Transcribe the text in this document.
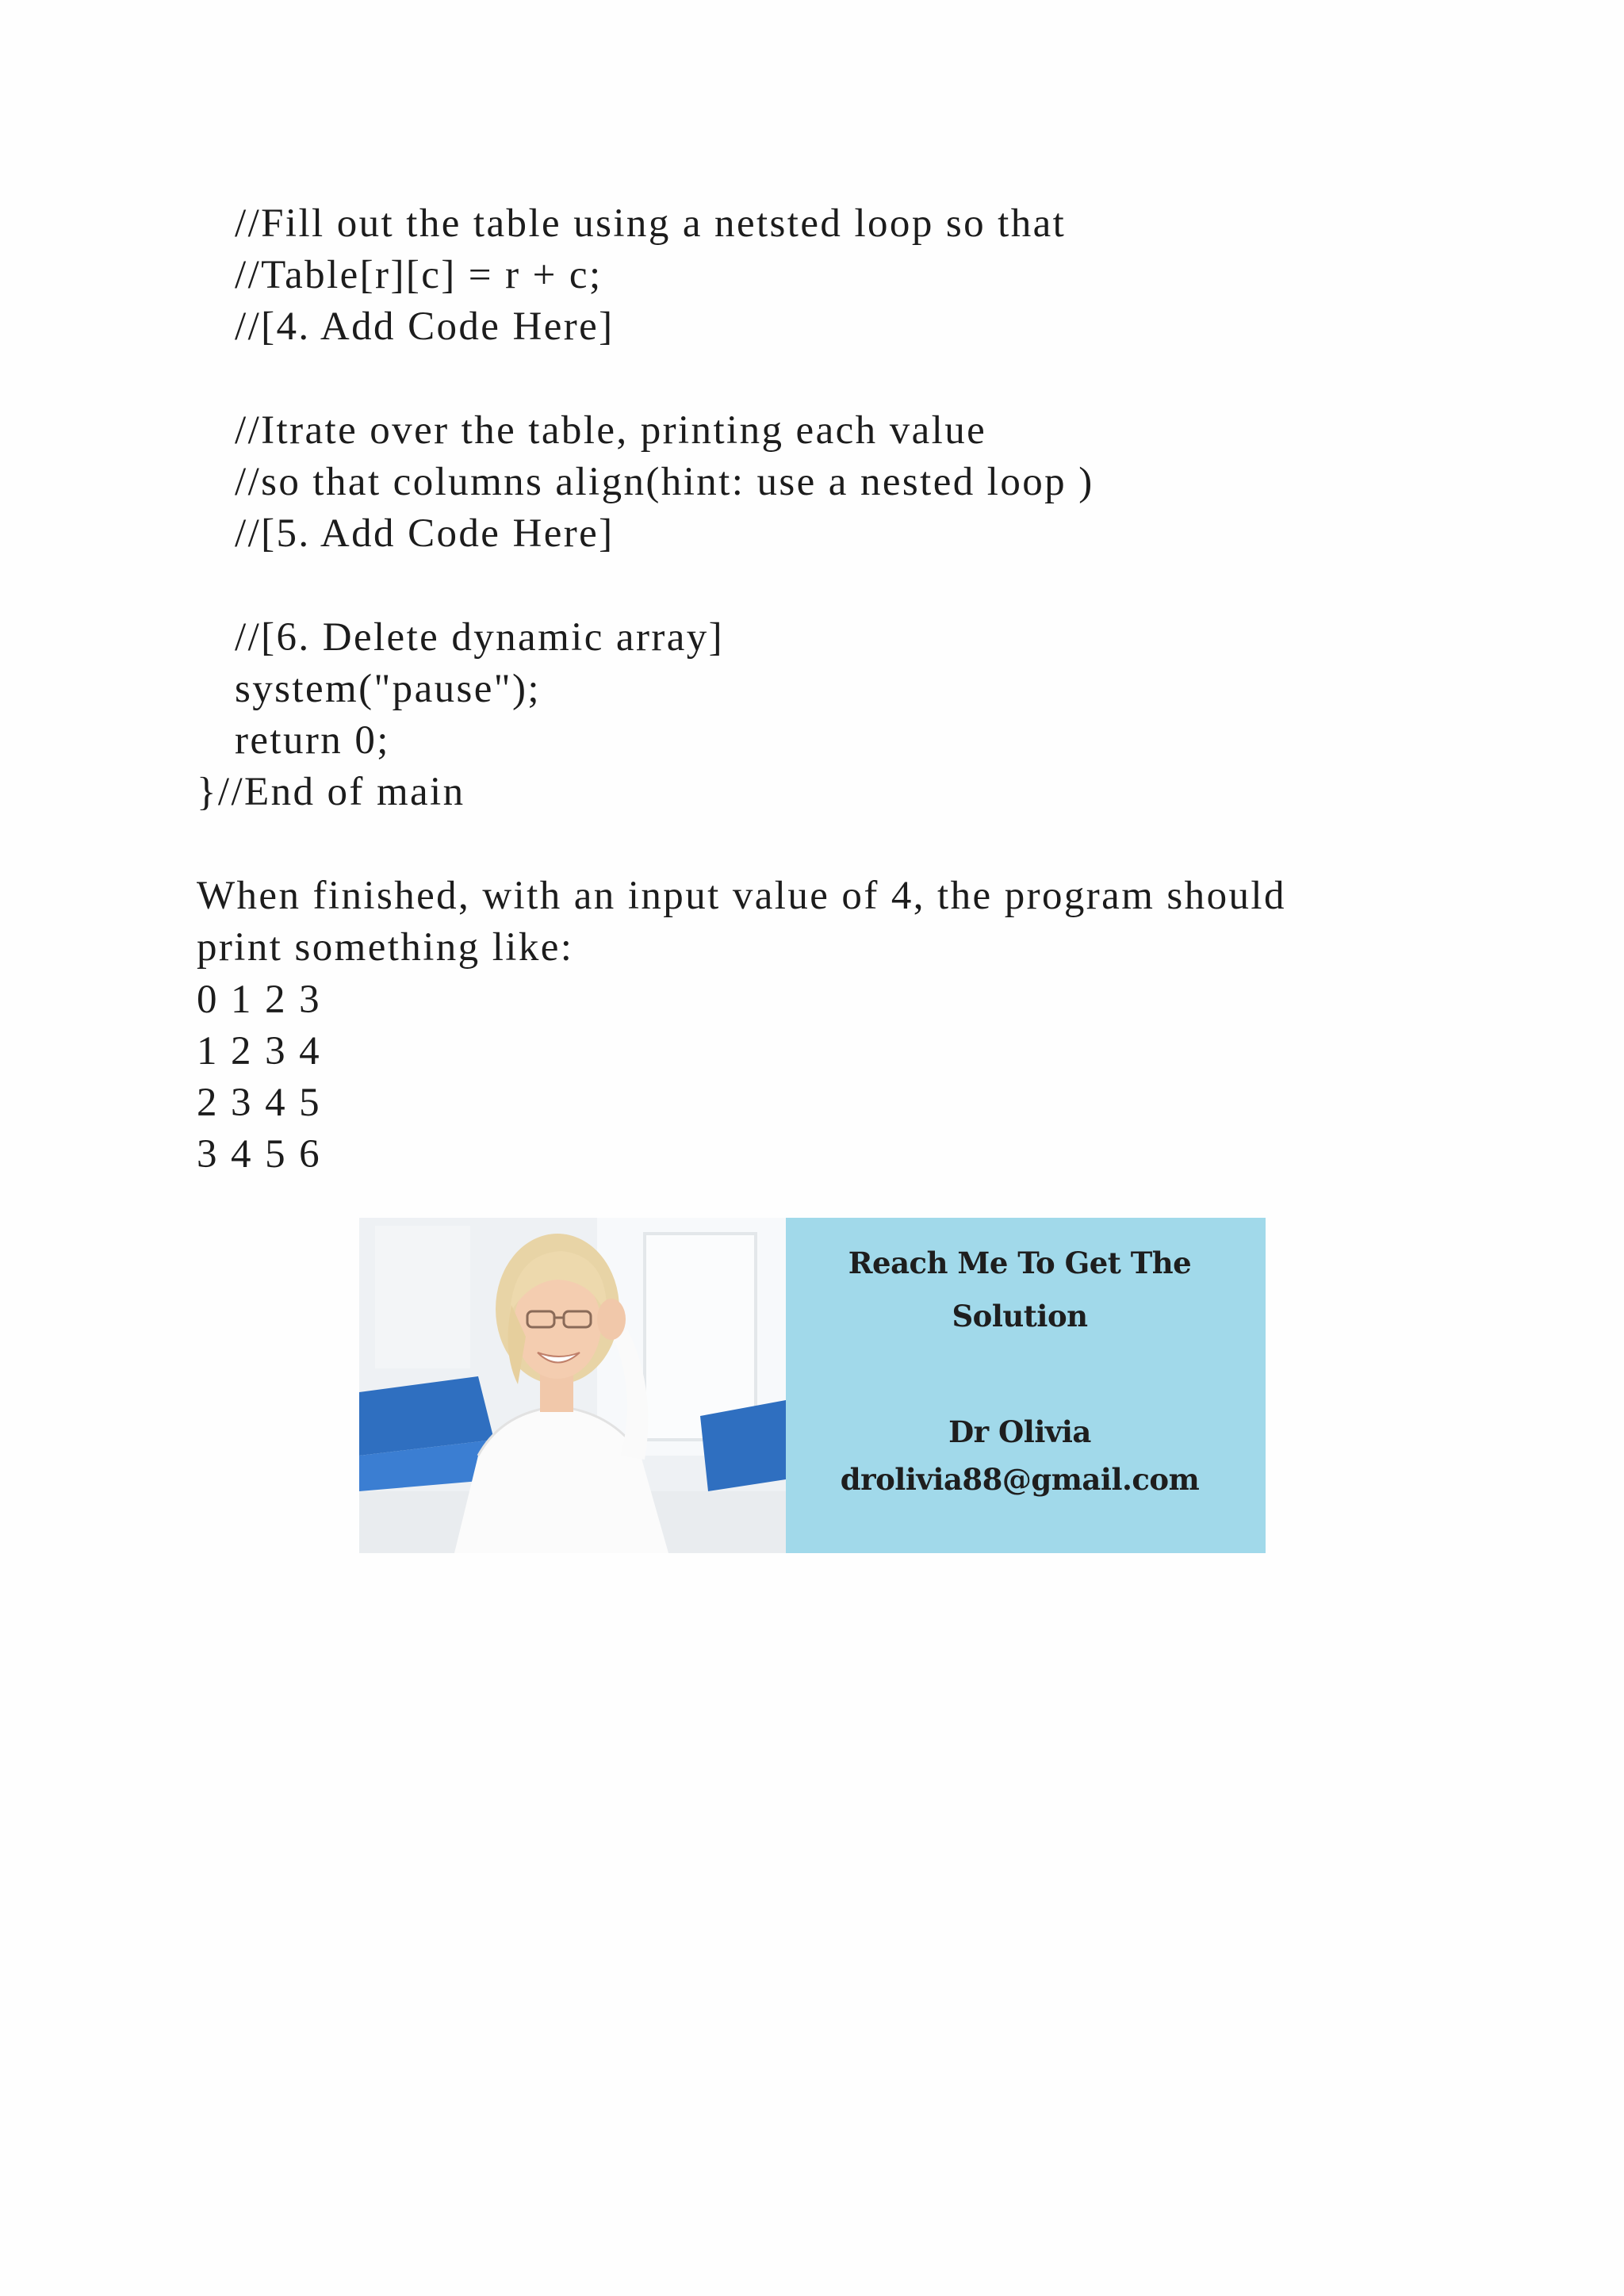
//Fill out the table using a netsted loop so that
//Table[r][c] = r + c;
//[4. Add Code Here]
//Itrate over the table, printing each value
//so that columns align(hint: use a nested loop )
//[5. Add Code Here]
//[6. Delete dynamic array]
system("pause");
return 0;
}//End of main
When finished, with an input value of 4, the program should
print something like:
0 1 2 3
1 2 3 4
2 3 4 5
3 4 5 6
Reach Me To Get The
Solution
Dr Olivia
drolivia88@gmail.com
